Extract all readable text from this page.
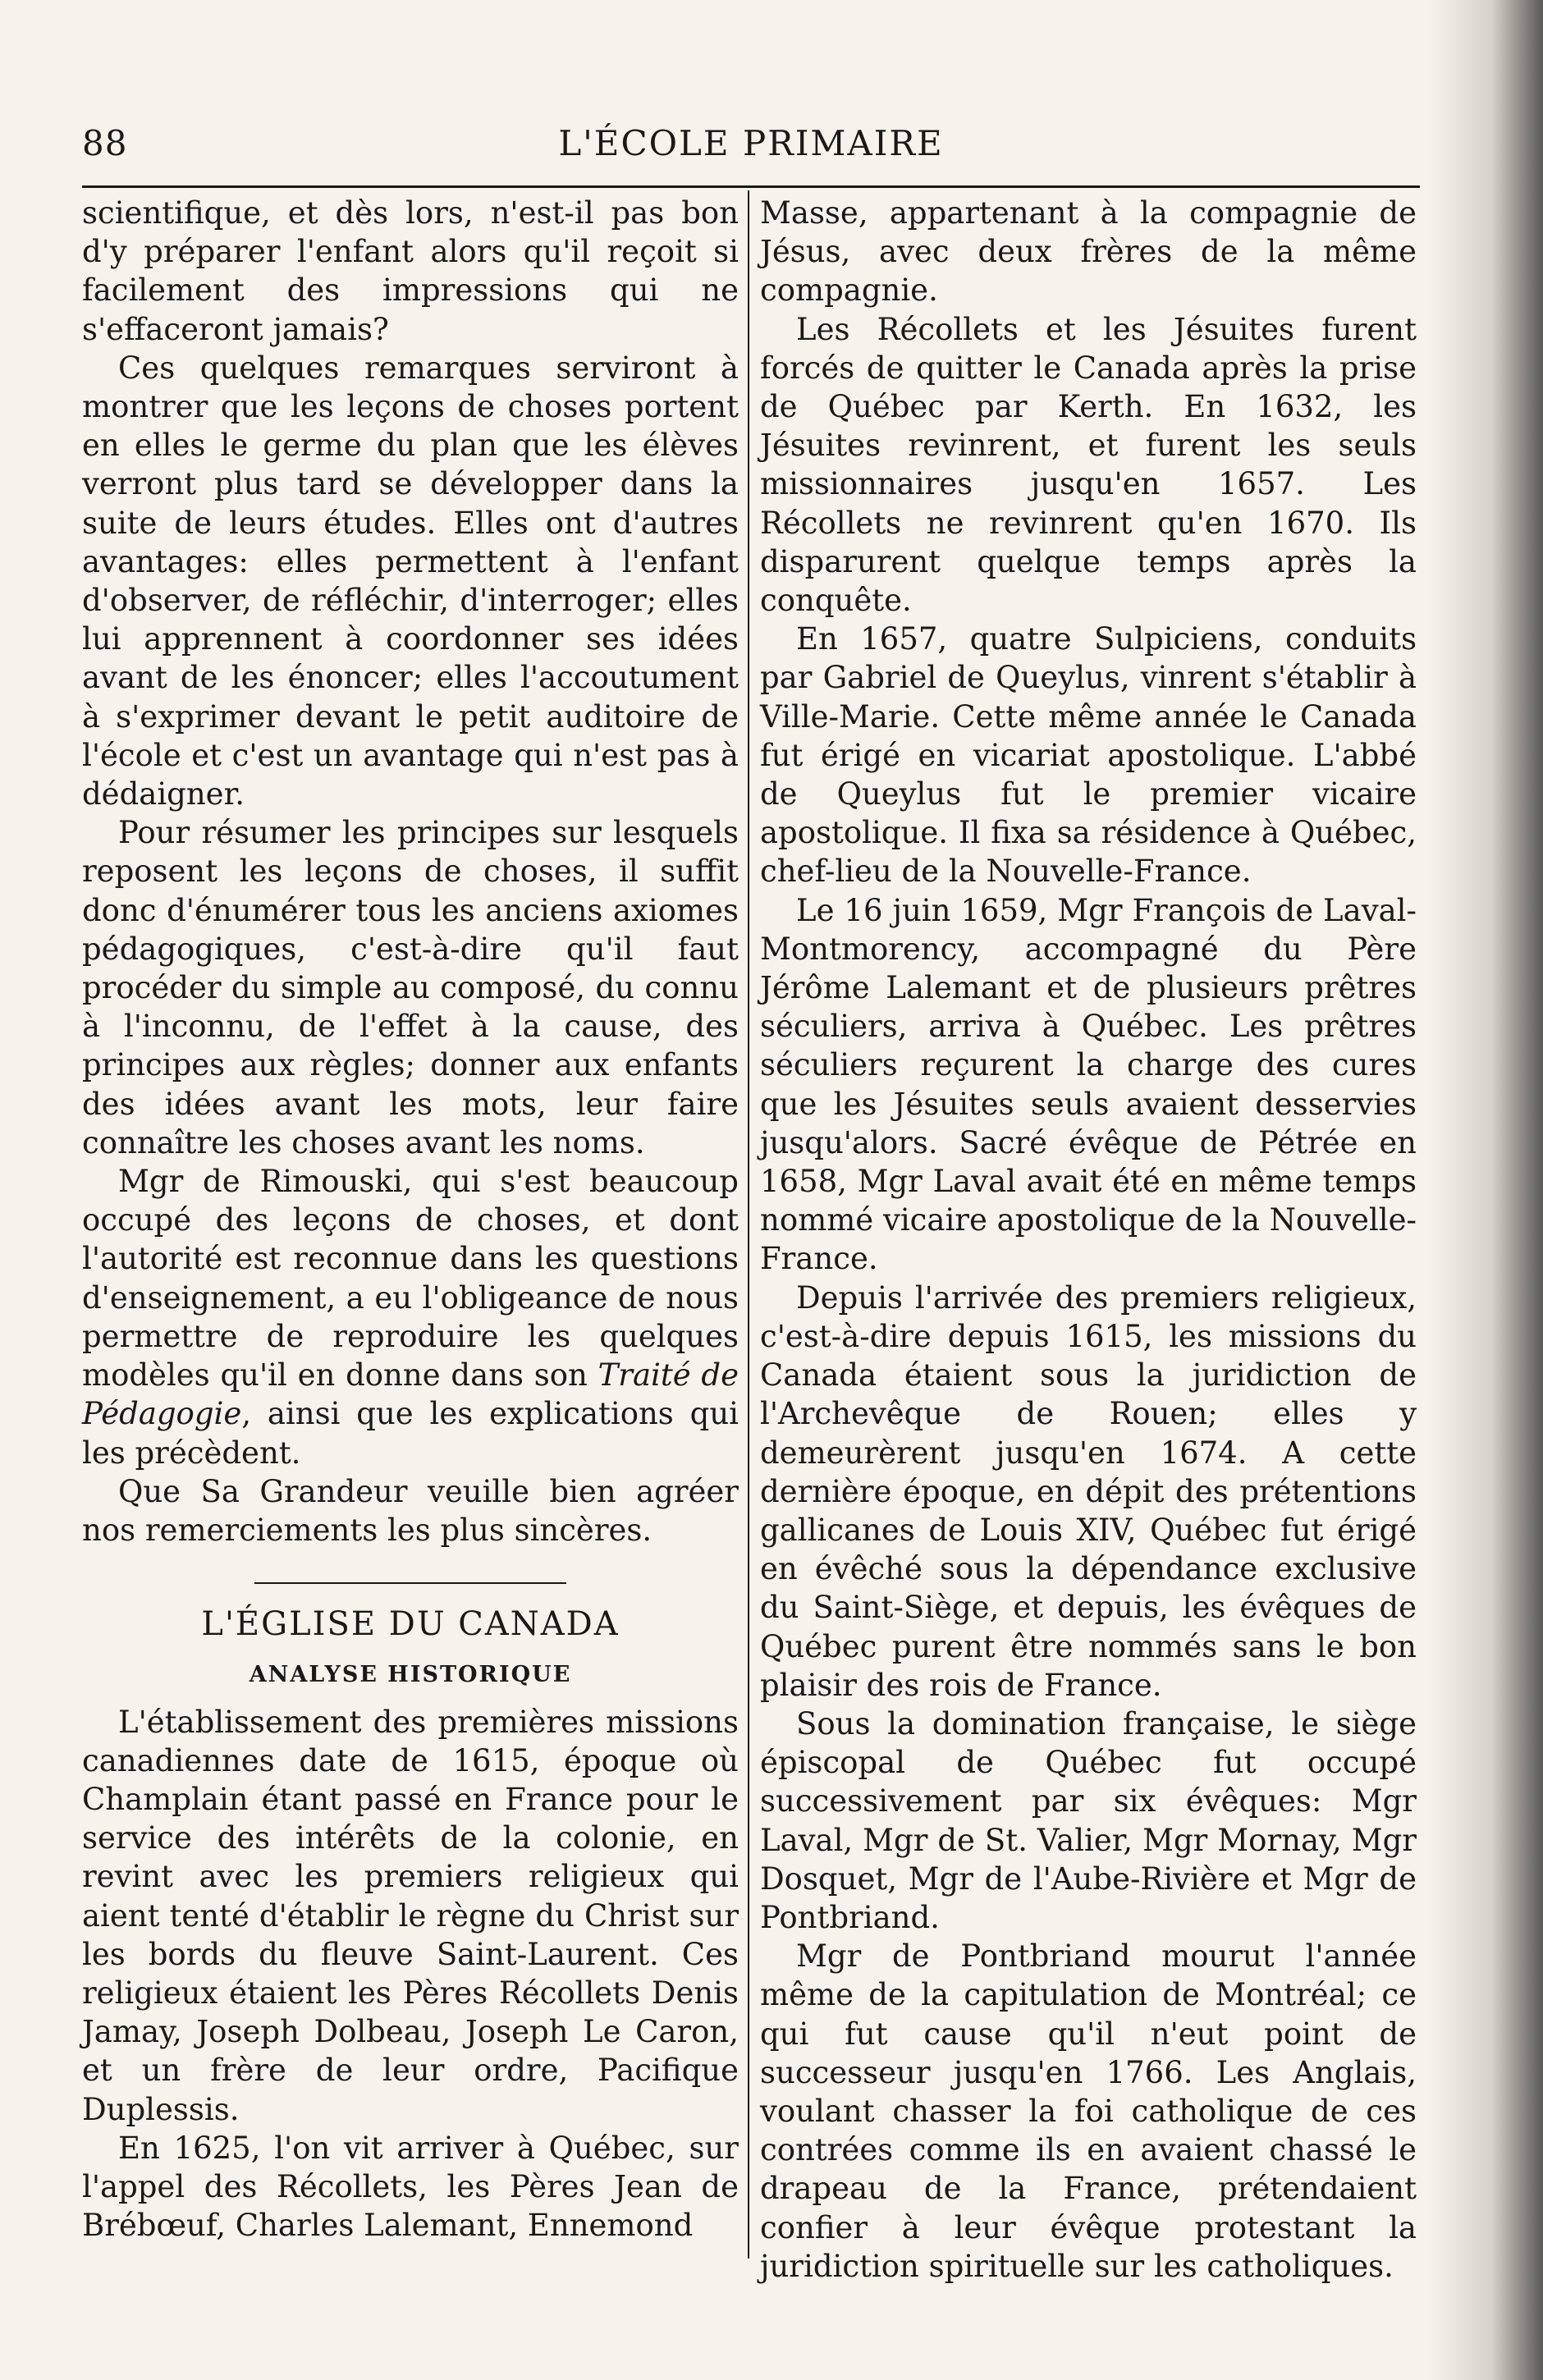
88	L'ÉCOLE PRIMAIRE

scientifique, et dès lors, n'est-il pas bon d'y préparer l'enfant alors qu'il reçoit si facilement des impressions qui ne s'effaceront jamais?

Ces quelques remarques serviront à montrer que les leçons de choses portent en elles le germe du plan que les élèves verront plus tard se développer dans la suite de leurs études. Elles ont d'autres avantages: elles permettent à l'enfant d'observer, de réfléchir, d'interroger; elles lui apprennent à coordonner ses idées avant de les énoncer; elles l'accoutument à s'exprimer devant le petit auditoire de l'école et c'est un avantage qui n'est pas à dédaigner.

Pour résumer les principes sur lesquels reposent les leçons de choses, il suffit donc d'énumérer tous les anciens axiomes pédagogiques, c'est-à-dire qu'il faut procéder du simple au composé, du connu à l'inconnu, de l'effet à la cause, des principes aux règles; donner aux enfants des idées avant les mots, leur faire connaître les choses avant les noms.

Mgr de Rimouski, qui s'est beaucoup occupé des leçons de choses, et dont l'autorité est reconnue dans les questions d'enseignement, a eu l'obligeance de nous permettre de reproduire les quelques modèles qu'il en donne dans son Traité de Pédagogie, ainsi que les explications qui les précèdent.

Que Sa Grandeur veuille bien agréer nos remerciements les plus sincères.

L'ÉGLISE DU CANADA
ANALYSE HISTORIQUE

L'établissement des premières missions canadiennes date de 1615, époque où Champlain étant passé en France pour le service des intérêts de la colonie, en revint avec les premiers religieux qui aient tenté d'établir le règne du Christ sur les bords du fleuve Saint-Laurent. Ces religieux étaient les Pères Récollets Denis Jamay, Joseph Dolbeau, Joseph Le Caron, et un frère de leur ordre, Pacifique Duplessis.

En 1625, l'on vit arriver à Québec, sur l'appel des Récollets, les Pères Jean de Brébœuf, Charles Lalemant, Ennemond

Masse, appartenant à la compagnie de Jésus, avec deux frères de la même compagnie.

Les Récollets et les Jésuites furent forcés de quitter le Canada après la prise de Québec par Kerth. En 1632, les Jésuites revinrent, et furent les seuls missionnaires jusqu'en 1657. Les Récollets ne revinrent qu'en 1670. Ils disparurent quelque temps après la conquête.

En 1657, quatre Sulpiciens, conduits par Gabriel de Queylus, vinrent s'établir à Ville-Marie. Cette même année le Canada fut érigé en vicariat apostolique. L'abbé de Queylus fut le premier vicaire apostolique. Il fixa sa résidence à Québec, chef-lieu de la Nouvelle-France.

Le 16 juin 1659, Mgr François de Laval-Montmorency, accompagné du Père Jérôme Lalemant et de plusieurs prêtres séculiers, arriva à Québec. Les prêtres séculiers reçurent la charge des cures que les Jésuites seuls avaient desservies jusqu'alors. Sacré évêque de Pétrée en 1658, Mgr Laval avait été en même temps nommé vicaire apostolique de la Nouvelle-France.

Depuis l'arrivée des premiers religieux, c'est-à-dire depuis 1615, les missions du Canada étaient sous la juridiction de l'Archevêque de Rouen; elles y demeurèrent jusqu'en 1674. A cette dernière époque, en dépit des prétentions gallicanes de Louis XIV, Québec fut érigé en évêché sous la dépendance exclusive du Saint-Siège, et depuis, les évêques de Québec purent être nommés sans le bon plaisir des rois de France.

Sous la domination française, le siège épiscopal de Québec fut occupé successivement par six évêques: Mgr Laval, Mgr de St. Valier, Mgr Mornay, Mgr Dosquet, Mgr de l'Aube-Rivière et Mgr de Pontbriand.

Mgr de Pontbriand mourut l'année même de la capitulation de Montréal; ce qui fut cause qu'il n'eut point de successeur jusqu'en 1766. Les Anglais, voulant chasser la foi catholique de ces contrées comme ils en avaient chassé le drapeau de la France, prétendaient confier à leur évêque protestant la juridiction spirituelle sur les catholiques.
